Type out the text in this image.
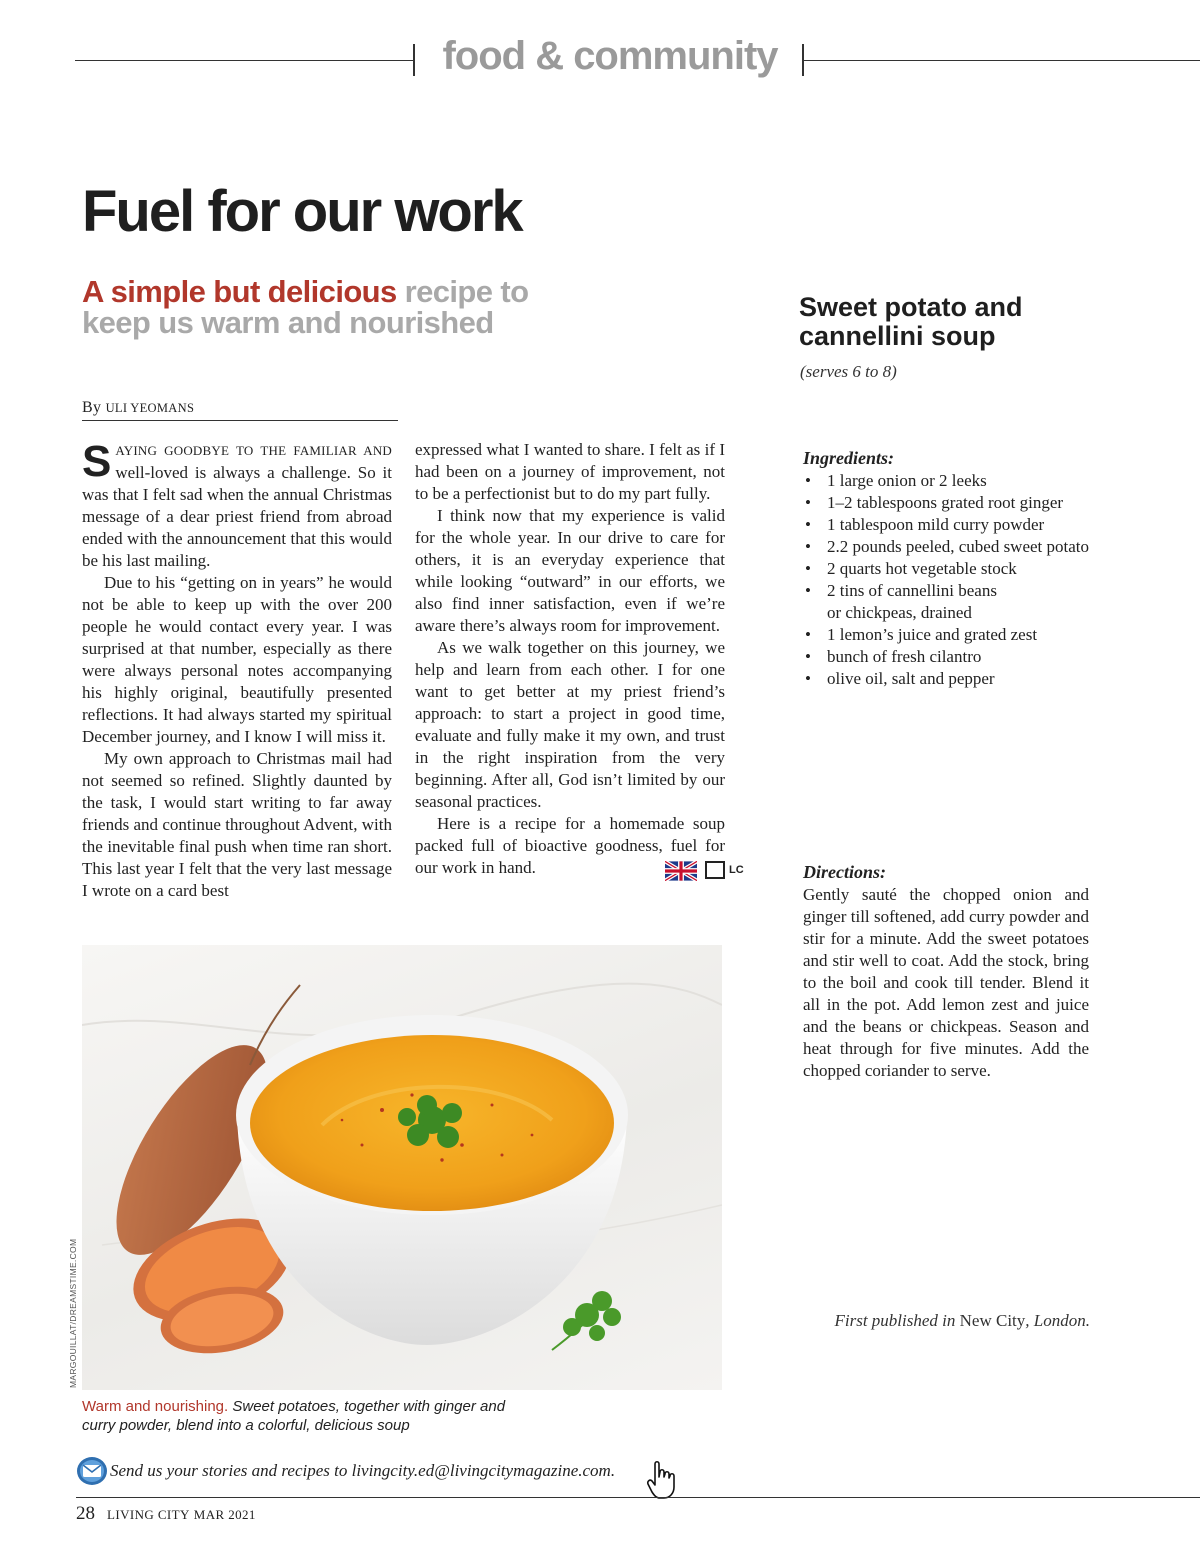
food & community
Fuel for our work
A simple but delicious recipe to keep us warm and nourished
By ULI YEOMANS

S AYING GOODBYE TO THE FAMILIAR AND well-loved is always a challenge. So it was that I felt sad when the annual Christmas message of a dear priest friend from abroad ended with the announcement that this would be his last mailing.

Due to his “getting on in years” he would not be able to keep up with the over 200 people he would contact every year. I was surprised at that number, especially as there were always personal notes accompanying his highly original, beautifully presented reflections. It had always started my spiritual December journey, and I know I will miss it.

My own approach to Christmas mail had not seemed so refined. Slightly daunted by the task, I would start writing to far away friends and continue throughout Advent, with the inevitable final push when time ran short. This last year I felt that the very last message I wrote on a card best

expressed what I wanted to share. I felt as if I had been on a journey of improvement, not to be a perfectionist but to do my part fully.

I think now that my experience is valid for the whole year. In our drive to care for others, it is an everyday experience that while looking “outward” in our efforts, we also find inner satisfaction, even if we’re aware there’s always room for improvement.

As we walk together on this journey, we help and learn from each other. I for one want to get better at my priest friend’s approach: to start a project in good time, evaluate and fully make it my own, and trust in the right inspiration from the very beginning. After all, God isn’t limited by our seasonal practices.

Here is a recipe for a homemade soup packed full of bioactive goodness, fuel for our work in hand.	LC

Sweet potato and cannellini soup
(serves 6 to 8)
Ingredients:
• 1 large onion or 2 leeks
• 1–2 tablespoons grated root ginger
• 1 tablespoon mild curry powder
• 2.2 pounds peeled, cubed sweet potato
• 2 quarts hot vegetable stock
• 2 tins of cannellini beans
or chickpeas, drained
• 1 lemon’s juice and grated zest
• bunch of fresh cilantro
• olive oil, salt and pepper
Directions:
Gently sauté the chopped onion and ginger till softened, add curry powder and stir for a minute. Add the sweet potatoes and stir well to coat. Add the stock, bring to the boil and cook till tender. Blend it all in the pot. Add lemon zest and juice and the beans or chickpeas. Season and heat through for five minutes. Add the chopped coriander to serve.
First published in New City, London.
MARGOUILLAT/DREAMSTIME.COM
Warm and nourishing. Sweet potatoes, together with ginger and curry powder, blend into a colorful, delicious soup
Send us your stories and recipes to livingcity.ed@livingcitymagazine.com.
28 LIVING CITY MAR 2021
